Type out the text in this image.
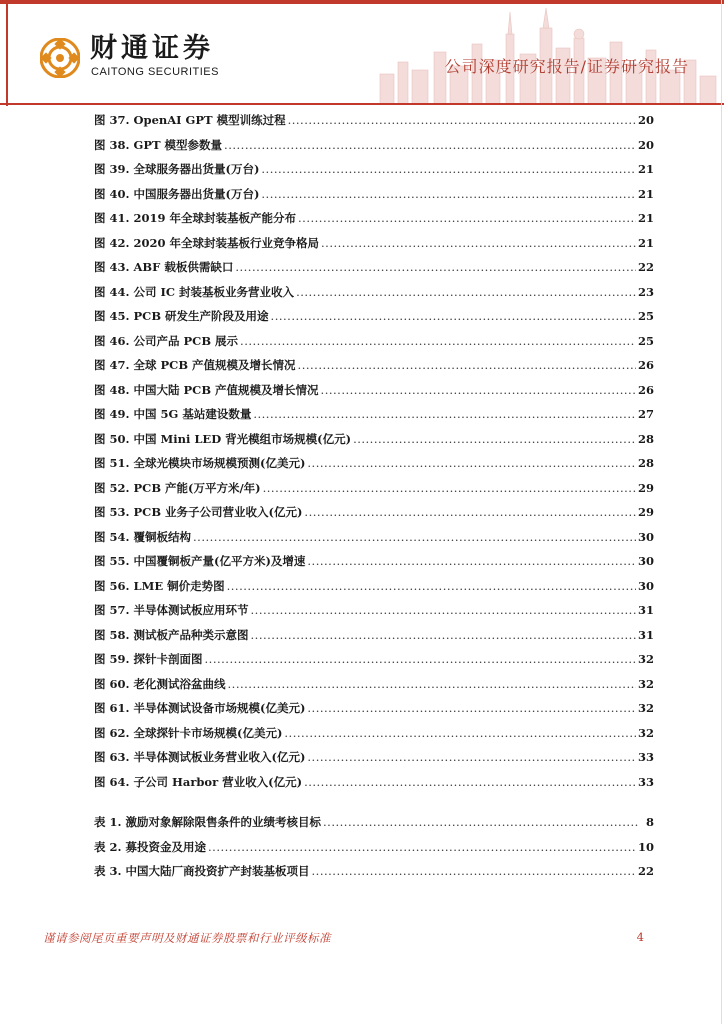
财通证券
CAITONG SECURITIES	公司深度研究报告/证券研究报告
图 37. OpenAI GPT 模型训练过程 .....	20
图 38. GPT 模型参数量 .....	20
图 39. 全球服务器出货量(万台) .....	21
图 40. 中国服务器出货量(万台) .....	21
图 41. 2019 年全球封装基板产能分布 .....	21
图 42. 2020 年全球封装基板行业竞争格局 .....	21
图 43. ABF 载板供需缺口 .....	22
图 44. 公司 IC 封装基板业务营业收入 .....	23
图 45. PCB 研发生产阶段及用途 .....	25
图 46. 公司产品 PCB 展示 .....	25
图 47. 全球 PCB 产值规模及增长情况 .....	26
图 48. 中国大陆 PCB 产值规模及增长情况 .....	26
图 49. 中国 5G 基站建设数量 .....	27
图 50. 中国 Mini LED 背光模组市场规模(亿元) .....	28
图 51. 全球光模块市场规模预测(亿美元) .....	28
图 52. PCB 产能(万平方米/年) .....	29
图 53. PCB 业务子公司营业收入(亿元) .....	29
图 54. 覆铜板结构 .....	30
图 55. 中国覆铜板产量(亿平方米)及增速 .....	30
图 56. LME 铜价走势图 .....	30
图 57. 半导体测试板应用环节 .....	31
图 58. 测试板产品种类示意图 .....	31
图 59. 探针卡剖面图 .....	32
图 60. 老化测试浴盆曲线 .....	32
图 61. 半导体测试设备市场规模(亿美元) .....	32
图 62. 全球探针卡市场规模(亿美元) .....	32
图 63. 半导体测试板业务营业收入(亿元) .....	33
图 64. 子公司 Harbor 营业收入(亿元) .....	33
表 1. 激励对象解除限售条件的业绩考核目标 .....	8
表 2. 募投资金及用途 .....	10
表 3. 中国大陆厂商投资扩产封装基板项目 .....	22
谨请参阅尾页重要声明及财通证券股票和行业评级标准	4
